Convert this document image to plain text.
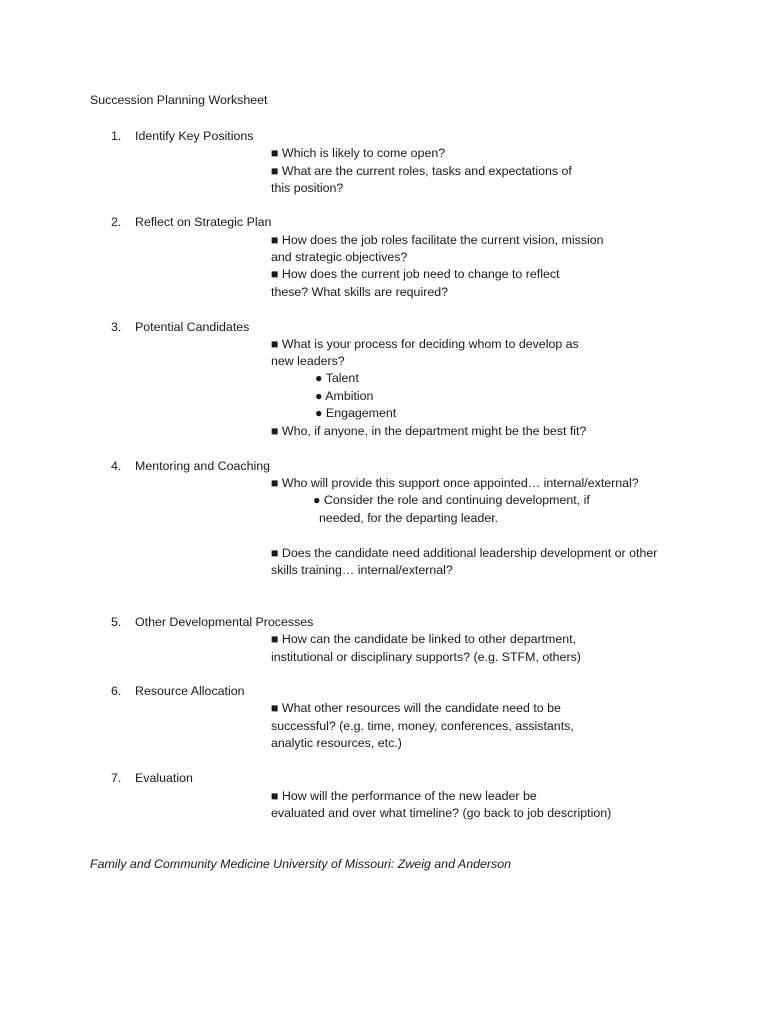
Succession Planning Worksheet
1. Identify Key Positions
■ Which is likely to come open?
■ What are the current roles, tasks and expectations of
this position?
2. Reflect on Strategic Plan
■ How does the job roles facilitate the current vision, mission
and strategic objectives?
■ How does the current job need to change to reflect
these? What skills are required?
3. Potential Candidates
■ What is your process for deciding whom to develop as
new leaders?
● Talent
● Ambition
● Engagement
■ Who, if anyone, in the department might be the best fit?
4. Mentoring and Coaching
■ Who will provide this support once appointed… internal/external?
● Consider the role and continuing development, if
needed, for the departing leader.
■ Does the candidate need additional leadership development or other
skills training… internal/external?
5. Other Developmental Processes
■ How can the candidate be linked to other department,
institutional or disciplinary supports? (e.g. STFM, others)
6. Resource Allocation
■ What other resources will the candidate need to be
successful? (e.g. time, money, conferences, assistants,
analytic resources, etc.)
7. Evaluation
■ How will the performance of the new leader be
evaluated and over what timeline? (go back to job description)
Family and Community Medicine University of Missouri: Zweig and Anderson
